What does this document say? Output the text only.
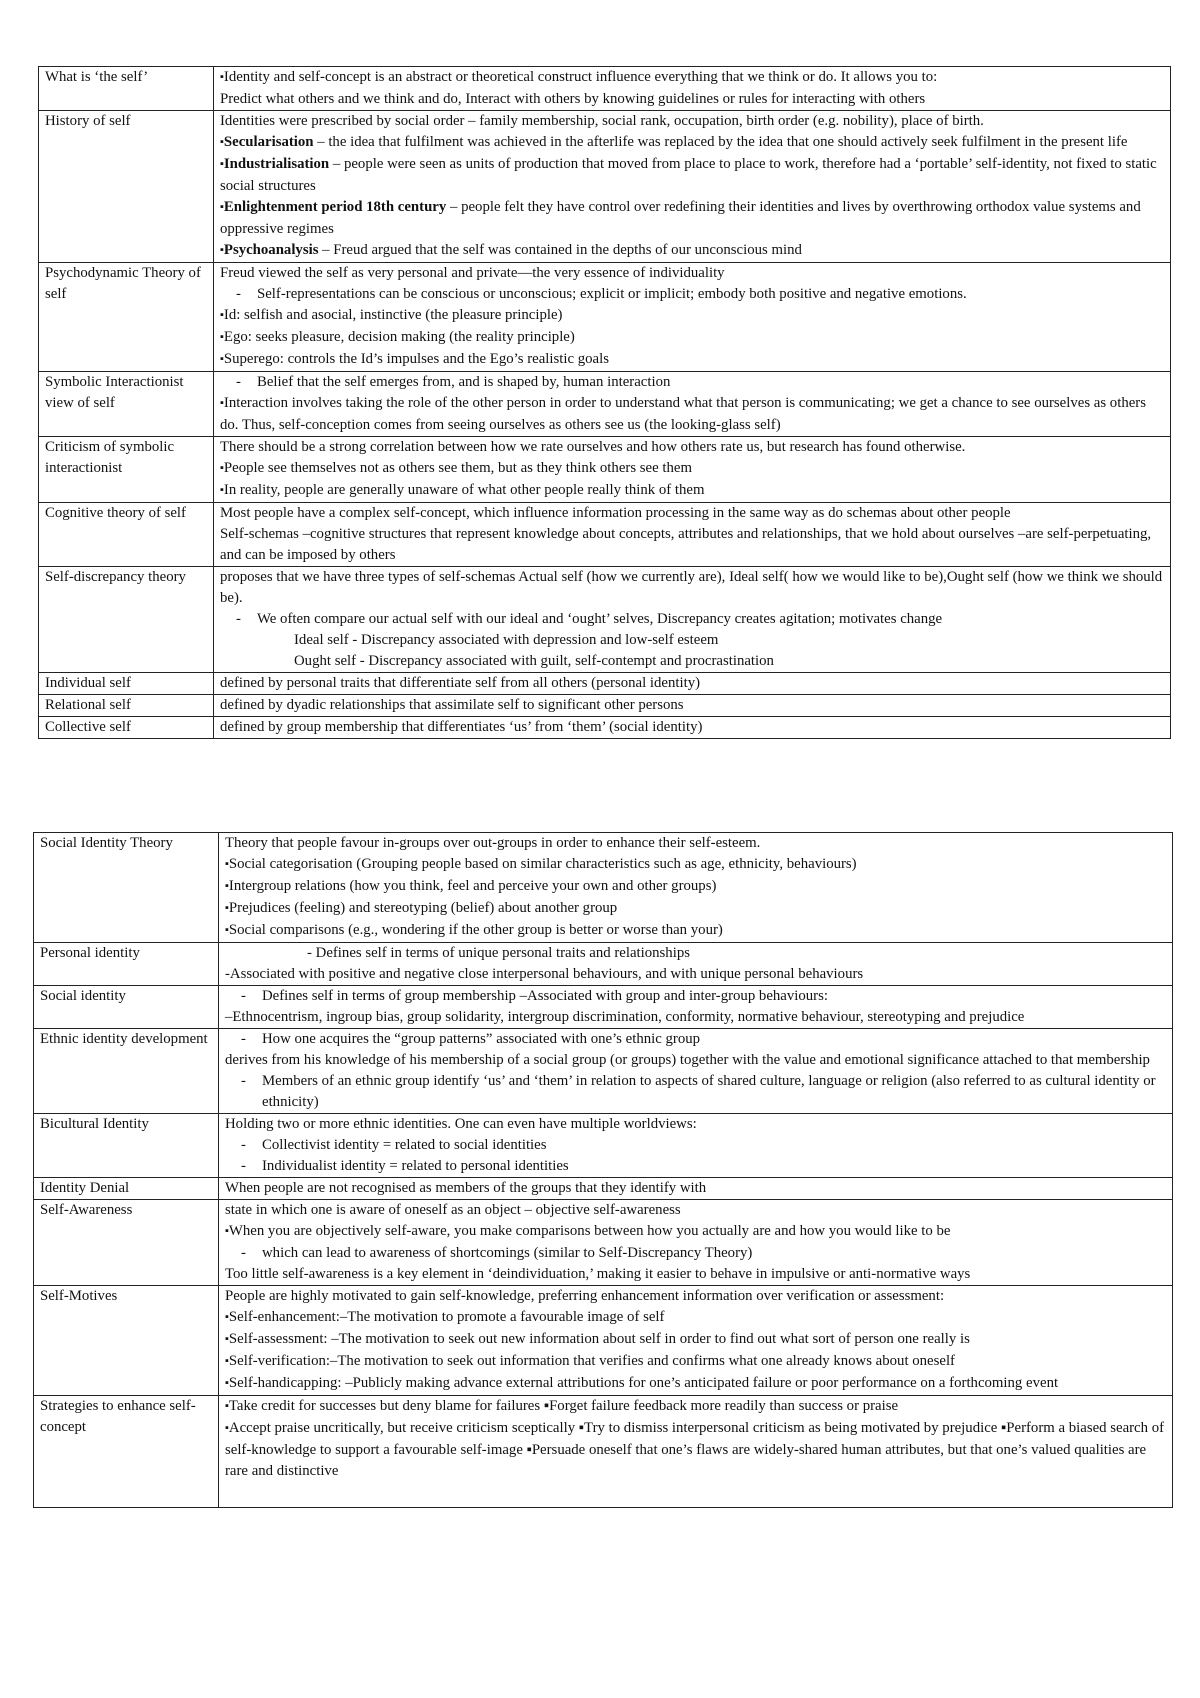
What is ‘the self’	▪ Identity and self-concept is an abstract or theoretical construct influence everything that we think or do. It allows you to:
Predict what others and we think and do, Interact with others by knowing guidelines or rules for interacting with others

History of self	Identities were prescribed by social order – family membership, social rank, occupation, birth order (e.g. nobility), place of birth.
▪ Secularisation – the idea that fulfilment was achieved in the afterlife was replaced by the idea that one should actively seek fulfilment in the present life
▪ Industrialisation – people were seen as units of production that moved from place to place to work, therefore had a ‘portable’ self-identity, not fixed to static social structures
▪ Enlightenment period 18th century – people felt they have control over redefining their identities and lives by overthrowing orthodox value systems and oppressive regimes
▪ Psychoanalysis – Freud argued that the self was contained in the depths of our unconscious mind

Psychodynamic Theory of self	Freud viewed the self as very personal and private—the very essence of individuality
- Self-representations can be conscious or unconscious; explicit or implicit; embody both positive and negative emotions.
▪ Id: selfish and asocial, instinctive (the pleasure principle)
▪ Ego: seeks pleasure, decision making (the reality principle)
▪ Superego: controls the Id’s impulses and the Ego’s realistic goals

Symbolic Interactionist view of self	- Belief that the self emerges from, and is shaped by, human interaction
▪ Interaction involves taking the role of the other person in order to understand what that person is communicating; we get a chance to see ourselves as others do. Thus, self-conception comes from seeing ourselves as others see us (the looking-glass self)

Criticism of symbolic interactionist	There should be a strong correlation between how we rate ourselves and how others rate us, but research has found otherwise.
▪ People see themselves not as others see them, but as they think others see them
▪ In reality, people are generally unaware of what other people really think of them

Cognitive theory of self	Most people have a complex self-concept, which influence information processing in the same way as do schemas about other people
Self-schemas –cognitive structures that represent knowledge about concepts, attributes and relationships, that we hold about ourselves –are self-perpetuating, and can be imposed by others

Self-discrepancy theory	proposes that we have three types of self-schemas Actual self (how we currently are), Ideal self( how we would like to be),Ought self (how we think we should be).
- We often compare our actual self with our ideal and ‘ought’ selves, Discrepancy creates agitation; motivates change
Ideal self - Discrepancy associated with depression and low-self esteem
Ought self - Discrepancy associated with guilt, self-contempt and procrastination

Individual self	defined by personal traits that differentiate self from all others (personal identity)

Relational self	defined by dyadic relationships that assimilate self to significant other persons

Collective self	defined by group membership that differentiates ‘us’ from ‘them’ (social identity)
Social Identity Theory	Theory that people favour in-groups over out-groups in order to enhance their self-esteem.
▪ Social categorisation (Grouping people based on similar characteristics such as age, ethnicity, behaviours)
▪ Intergroup relations (how you think, feel and perceive your own and other groups)
▪ Prejudices (feeling) and stereotyping (belief) about another group
▪ Social comparisons (e.g., wondering if the other group is better or worse than your)

Personal identity	- Defines self in terms of unique personal traits and relationships
-Associated with positive and negative close interpersonal behaviours, and with unique personal behaviours

Social identity	- Defines self in terms of group membership –Associated with group and inter-group behaviours:
–Ethnocentrism, ingroup bias, group solidarity, intergroup discrimination, conformity, normative behaviour, stereotyping and prejudice

Ethnic identity development	- How one acquires the “group patterns” associated with one’s ethnic group
derives from his knowledge of his membership of a social group (or groups) together with the value and emotional significance attached to that membership
- Members of an ethnic group identify ‘us’ and ‘them’ in relation to aspects of shared culture, language or religion (also referred to as cultural identity or ethnicity)

Bicultural Identity	Holding two or more ethnic identities. One can even have multiple worldviews:
- Collectivist identity = related to social identities
- Individualist identity = related to personal identities

Identity Denial	When people are not recognised as members of the groups that they identify with

Self-Awareness	state in which one is aware of oneself as an object – objective self-awareness
▪ When you are objectively self-aware, you make comparisons between how you actually are and how you would like to be
- which can lead to awareness of shortcomings (similar to Self-Discrepancy Theory)
Too little self-awareness is a key element in ‘deindividuation,’ making it easier to behave in impulsive or anti-normative ways

Self-Motives	People are highly motivated to gain self-knowledge, preferring enhancement information over verification or assessment:
▪ Self-enhancement:–The motivation to promote a favourable image of self
▪ Self-assessment: –The motivation to seek out new information about self in order to find out what sort of person one really is
▪ Self-verification:–The motivation to seek out information that verifies and confirms what one already knows about oneself
▪ Self-handicapping: –Publicly making advance external attributions for one’s anticipated failure or poor performance on a forthcoming event

Strategies to enhance self-concept	▪ Take credit for successes but deny blame for failures ▪Forget failure feedback more readily than success or praise
▪ Accept praise uncritically, but receive criticism sceptically ▪Try to dismiss interpersonal criticism as being motivated by prejudice ▪Perform a biased search of self-knowledge to support a favourable self-image ▪Persuade oneself that one’s flaws are widely-shared human attributes, but that one’s valued qualities are rare and distinctive
